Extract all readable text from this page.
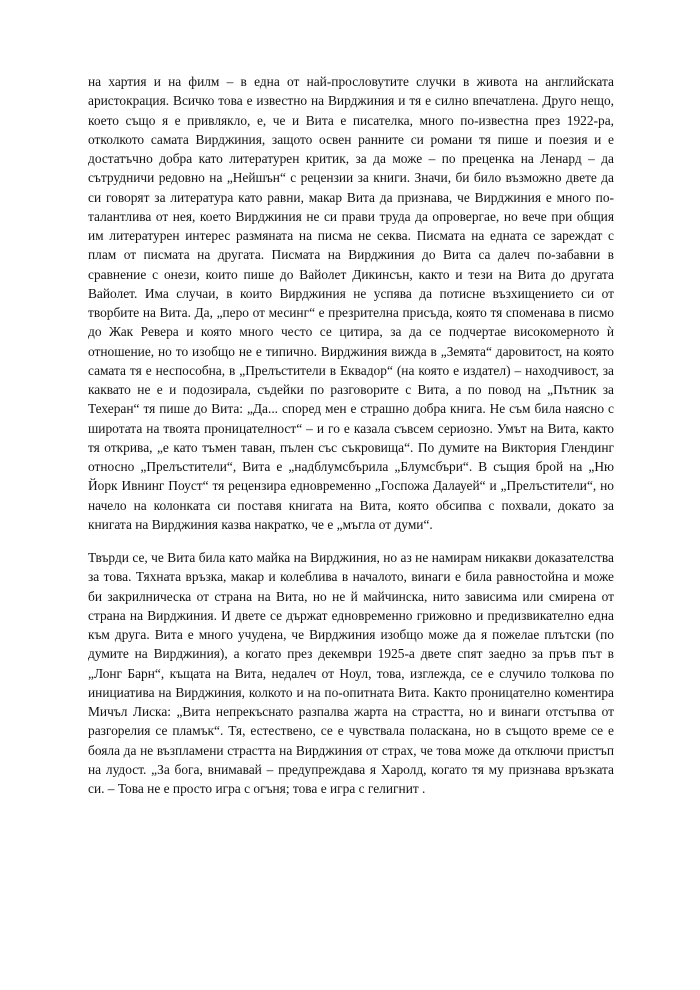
на хартия и на филм – в една от най-прословутите случки в живота на английската аристокрация. Всичко това е известно на Вирджиния и тя е силно впечатлена. Друго нещо, което също я е привлякло, е, че и Вита е писателка, много по-известна през 1922-ра, отколкото самата Вирджиния, защото освен ранните си романи тя пише и поезия и е достатъчно добра като литературен критик, за да може – по преценка на Ленард – да сътрудничи редовно на „Нейшън“ с рецензии за книги. Значи, би било възможно двете да си говорят за литература като равни, макар Вита да признава, че Вирджиния е много по-талантлива от нея, което Вирджиния не си прави труда да опровергае, но вече при общия им литературен интерес размяната на писма не секва. Писмата на едната се зареждат с плам от писмата на другата. Писмата на Вирджиния до Вита са далеч по-забавни в сравнение с онези, които пише до Вайолет Дикинсън, както и тези на Вита до другата Вайолет. Има случаи, в които Вирджиния не успява да потисне възхищението си от творбите на Вита. Да, „перо от месинг“ е презрителна присъда, която тя споменава в писмо до Жак Ревера и която много често се цитира, за да се подчертае високомерното ѝ отношение, но то изобщо не е типично. Вирджиния вижда в „Земята“ даровитост, на която самата тя е неспособна, в „Прелъстители в Еквадор“ (на която е издател) – находчивост, за каквато не е и подозирала, съдейки по разговорите с Вита, а по повод на „Пътник за Техеран“ тя пише до Вита: „Да... според мен е страшно добра книга. Не съм била наясно с широтата на твоята проницателност“ – и го е казала съвсем сериозно. Умът на Вита, както тя открива, „е като тъмен таван, пълен със съкровища“. По думите на Виктория Глендинг относно „Прелъстители“, Вита е „надблумсбърила „Блумсбъри“. В същия брой на „Ню Йорк Ивнинг Поуст“ тя рецензира едновременно „Госпожа Далауей“ и „Прелъстители“, но начело на колонката си поставя книгата на Вита, която обсипва с похвали, докато за книгата на Вирджиния казва накратко, че е „мъгла от думи“.

Твърди се, че Вита била като майка на Вирджиния, но аз не намирам никакви доказателства за това. Тяхната връзка, макар и колеблива в началото, винаги е била равностойна и може би закрилническа от страна на Вита, но не й майчинска, нито зависима или смирена от страна на Вирджиния. И двете се държат едновременно грижовно и предизвикателно една към друга. Вита е много учудена, че Вирджиния изобщо може да я пожелае плътски (по думите на Вирджиния), а когато през декември 1925-а двете спят заедно за пръв път в „Лонг Барн“, къщата на Вита, недалеч от Ноул, това, изглежда, се е случило толкова по инициатива на Вирджиния, колкото и на по-опитната Вита. Както проницателно коментира Мичъл Лиска: „Вита непрекъснато разпалва жарта на страстта, но и винаги отстъпва от разгорелия се пламък“. Тя, естествено, се е чувствала поласкана, но в същото време се е бояла да не възпламени страстта на Вирджиния от страх, че това може да отключи пристъп на лудост. „За бога, внимавай – предупреждава я Харолд, когато тя му признава връзката си. – Това не е просто игра с огъня; това е игра с гелигнит .
